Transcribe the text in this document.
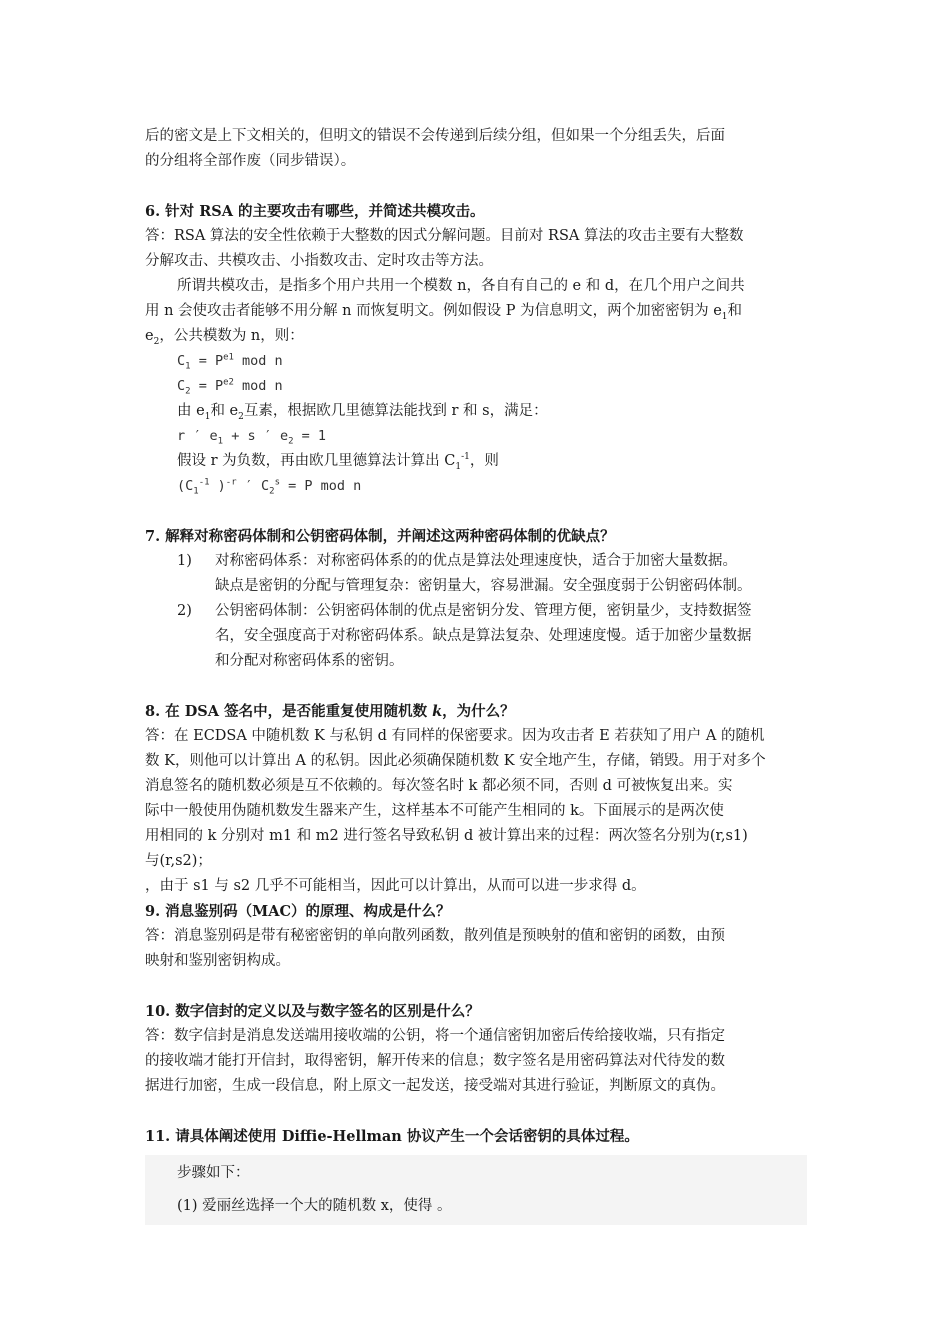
后的密文是上下文相关的，但明文的错误不会传递到后续分组，但如果一个分组丢失，后面

的分组将全部作废（同步错误）。

6. 针对 RSA 的主要攻击有哪些，并简述共模攻击。

答：RSA 算法的安全性依赖于大整数的因式分解问题。目前对 RSA 算法的攻击主要有大整数

分解攻击、共模攻击、小指数攻击、定时攻击等方法。

所谓共模攻击，是指多个用户共用一个模数 n，各自有自己的 e 和 d，在几个用户之间共

用 n 会使攻击者能够不用分解 n 而恢复明文。例如假设 P 为信息明文，两个加密密钥为 $e_1$和

$e_2$，公共模数为 n，则：

$C_1 = P^{e1}$ mod n
$C_2 = P^{e2}$ mod n
由 $e_1$和 $e_2$互素，根据欧几里德算法能找到 r 和 s，满足：
r ′ $e_1 + s$ ′ $e_2 = 1$
假设 r 为负数，再由欧几里德算法计算出 $C_1^{-1}$，则
($C_1^{-1}$ )$^{-r}$ ′ $C_2^s = P$ mod n

7. 解释对称密码体制和公钥密码体制，并阐述这两种密码体制的优缺点？

1)	对称密码体系：对称密码体系的的优点是算法处理速度快，适合于加密大量数据。
缺点是密钥的分配与管理复杂：密钥量大，容易泄漏。安全强度弱于公钥密码体制。
2)	公钥密码体制：公钥密码体制的优点是密钥分发、管理方便，密钥量少，支持数据签
名，安全强度高于对称密码体系。缺点是算法复杂、处理速度慢。适于加密少量数据
和分配对称密码体系的密钥。

8. 在 DSA 签名中，是否能重复使用随机数 k，为什么？

答：在 ECDSA 中随机数 K 与私钥 d 有同样的保密要求。因为攻击者 E 若获知了用户 A 的随机

数 K，则他可以计算出 A 的私钥。因此必须确保随机数 K 安全地产生，存储，销毁。用于对多个

消息签名的随机数必须是互不依赖的。每次签名时 k 都必须不同，否则 d 可被恢复出来。实

际中一般使用伪随机数发生器来产生，这样基本不可能产生相同的 k。下面展示的是两次使

用相同的 k 分别对 m1 和 m2 进行签名导致私钥 d 被计算出来的过程：两次签名分别为(r,s1)

与(r,s2)；

，由于 s1 与 s2 几乎不可能相当，因此可以计算出，从而可以进一步求得 d。

9. 消息鉴别码（MAC）的原理、构成是什么？

答：消息鉴别码是带有秘密密钥的单向散列函数，散列值是预映射的值和密钥的函数，由预

映射和鉴别密钥构成。

10. 数字信封的定义以及与数字签名的区别是什么？

答：数字信封是消息发送端用接收端的公钥，将一个通信密钥加密后传给接收端，只有指定

的接收端才能打开信封，取得密钥，解开传来的信息；数字签名是用密码算法对代待发的数

据进行加密，生成一段信息，附上原文一起发送，接受端对其进行验证，判断原文的真伪。

11. 请具体阐述使用 Diffie-Hellman 协议产生一个会话密钥的具体过程。

步骤如下：

(1) 爱丽丝选择一个大的随机数 x，使得 。
